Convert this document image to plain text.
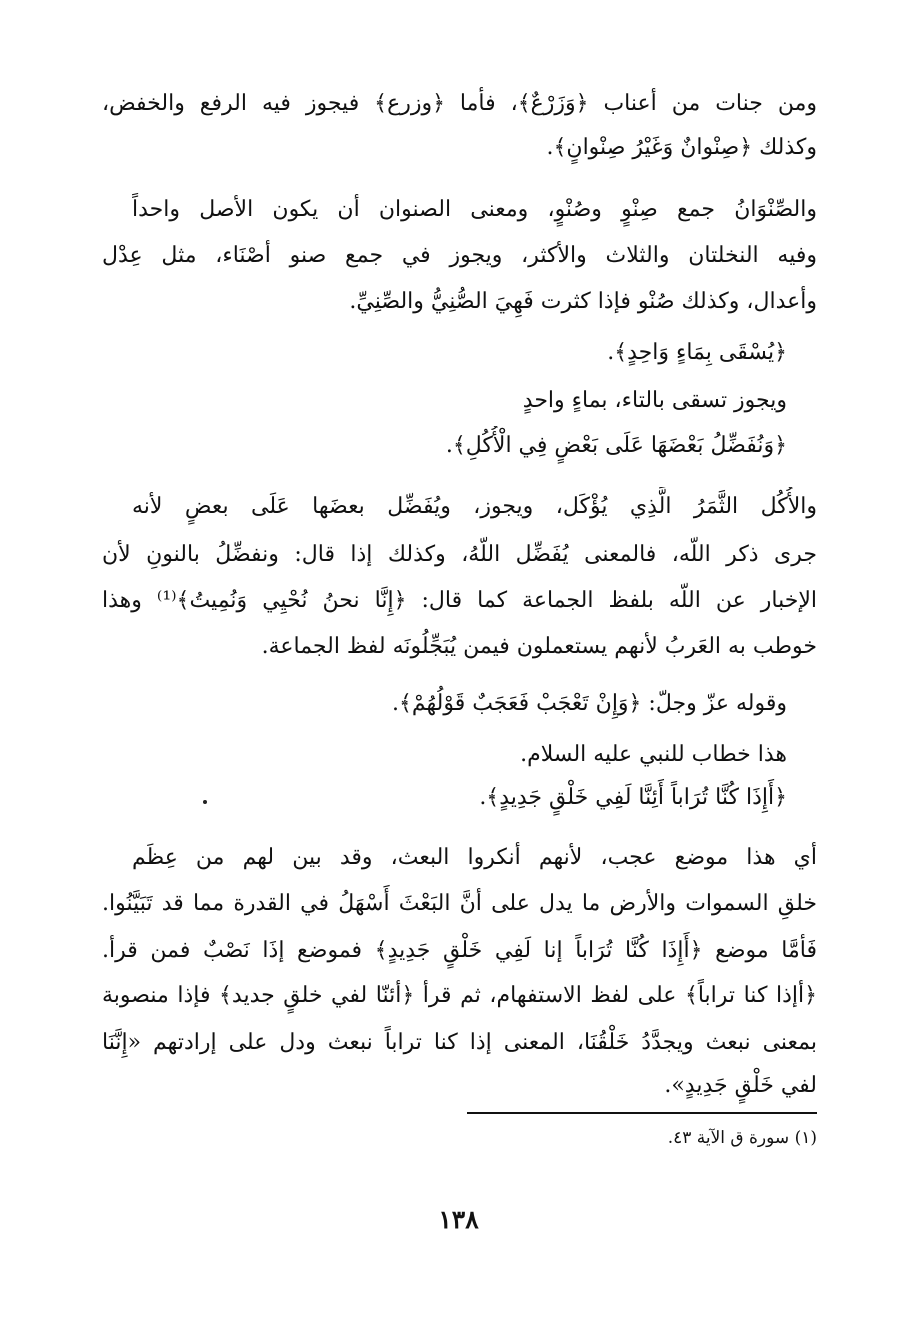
ومن جنات من أعناب ﴿وَزَرْعٌ﴾، فأما ﴿وزرع﴾ فيجوز فيه الرفع والخفض،
وكذلك ﴿صِنْوانٌ وَغَيْرُ صِنْوانٍ﴾.
والصِّنْوَانُ جمع صِنْوٍ وصُنْوٍ، ومعنى الصنوان أن يكون الأصل واحداً
وفيه النخلتان والثلاث والأكثر، ويجوز في جمع صنو أصْنَاء، مثل عِدْل
وأعدال، وكذلك صُنْو فإذا كثرت فَهِيَ الصُّنِيُّ والصِّنِيِّ.
﴿يُسْقَى بِمَاءٍ وَاحِدٍ﴾.
ويجوز تسقى بالتاء، بماءٍ واحدٍ
﴿وَنُفَضِّلُ بَعْضَهَا عَلَى بَعْضٍ فِي الْأُكُلِ﴾.
والأُكُل الثَّمَرُ الَّذِي يُؤْكَل، ويجوز، ويُفَضِّل بعضَها عَلَى بعضٍ لأنه
جرى ذكر اللّه، فالمعنى يُفَضِّل اللّهُ، وكذلك إذا قال: ونفضِّلُ بالنونِ لأن
الإخبار عن اللّه بلفظ الجماعة كما قال: ﴿إِنَّا نحنُ نُحْيِي وَنُمِيتُ﴾⁽¹⁾ وهذا
خوطب به العَربُ لأنهم يستعملون فيمن يُبَجِّلُونَه لفظ الجماعة.
وقوله عزّ وجلّ: ﴿وَإِنْ تَعْجَبْ فَعَجَبٌ قَوْلُهُمْ﴾.
هذا خطاب للنبي عليه السلام.
﴿أَإِذَا كُنَّا تُرَاباً أَئِنَّا لَفِي خَلْقٍ جَدِيدٍ﴾.
أي هذا موضع عجب، لأنهم أنكروا البعث، وقد بين لهم من عِظَم
خلقِ السموات والأرض ما يدل على أنَّ البَعْثَ أَسْهَلُ في القدرة مما قد تَبَيَّنُوا.
فَأمَّا موضع ﴿أَإِذَا كُنَّا تُرَاباً إنا لَفِي خَلْقٍ جَدِيدٍ﴾ فموضع إذَا نَصْبٌ فمن قرأ.
﴿أإذا كنا تراباً﴾ على لفظ الاستفهام، ثم قرأ ﴿أئنّا لفي خلقٍ جديد﴾ فإذا منصوبة
بمعنى نبعث ويجدَّدُ خَلْقُنَا، المعنى إذا كنا تراباً نبعث ودل على إرادتهم «إِنَّنَا
لفي خَلْقٍ جَدِيدٍ».
(١) سورة ق الآية ٤٣.
١٣٨
